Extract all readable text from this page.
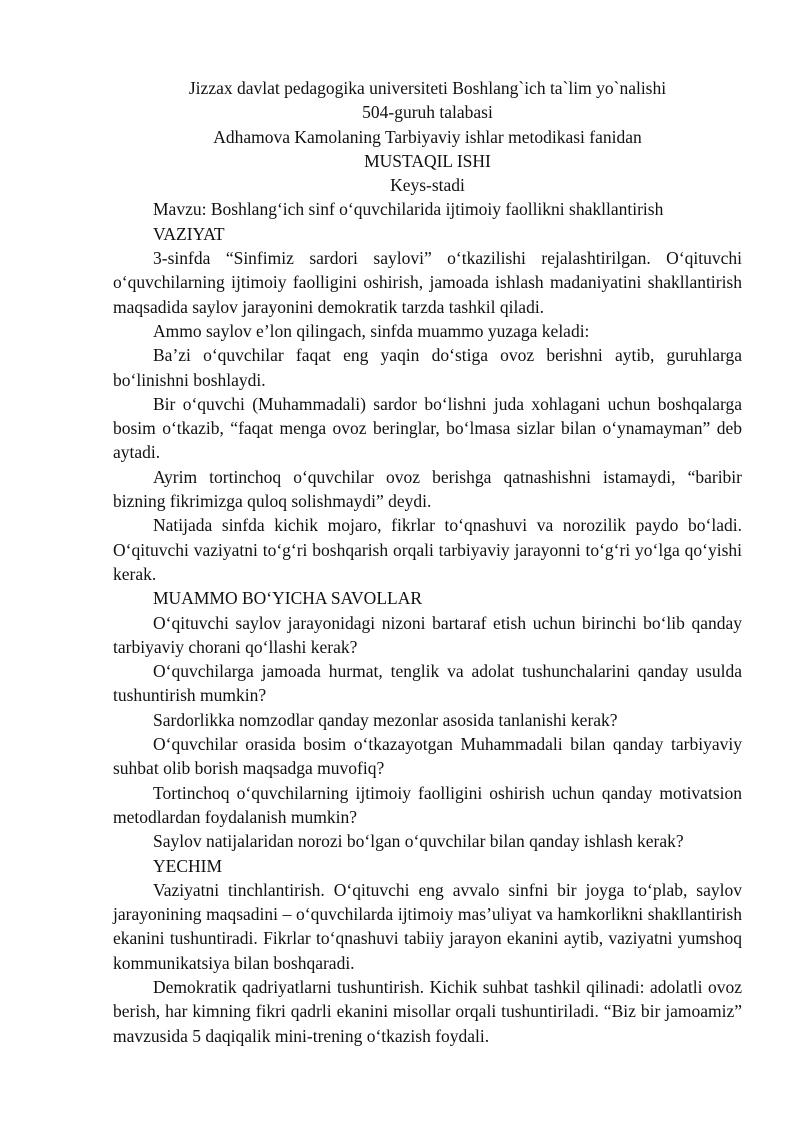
Jizzax davlat pedagogika universiteti Boshlang`ich ta`lim yo`nalishi

504-guruh talabasi

Adhamova Kamolaning Tarbiyaviy ishlar metodikasi fanidan

MUSTAQIL ISHI

Keys-stadi

Mavzu: Boshlang‘ich sinf o‘quvchilarida ijtimoiy faollikni shakllantirish

VAZIYAT

3-sinfda “Sinfimiz sardori saylovi” o‘tkazilishi rejalashtirilgan. O‘qituvchi o‘quvchilarning ijtimoiy faolligini oshirish, jamoada ishlash madaniyatini shakllantirish maqsadida saylov jarayonini demokratik tarzda tashkil qiladi.

Ammo saylov e’lon qilingach, sinfda muammo yuzaga keladi:

Ba’zi o‘quvchilar faqat eng yaqin do‘stiga ovoz berishni aytib, guruhlarga bo‘linishni boshlaydi.

Bir o‘quvchi (Muhammadali) sardor bo‘lishni juda xohlagani uchun boshqalarga bosim o‘tkazib, “faqat menga ovoz beringlar, bo‘lmasa sizlar bilan o‘ynamayman” deb aytadi.

Ayrim tortinchoq o‘quvchilar ovoz berishga qatnashishni istamaydi, “baribir bizning fikrimizga quloq solishmaydi” deydi.

Natijada sinfda kichik mojaro, fikrlar to‘qnashuvi va norozilik paydo bo‘ladi. O‘qituvchi vaziyatni to‘g‘ri boshqarish orqali tarbiyaviy jarayonni to‘g‘ri yo‘lga qo‘yishi kerak.

MUAMMO BO‘YICHA SAVOLLAR

O‘qituvchi saylov jarayonidagi nizoni bartaraf etish uchun birinchi bo‘lib qanday tarbiyaviy chorani qo‘llashi kerak?

O‘quvchilarga jamoada hurmat, tenglik va adolat tushunchalarini qanday usulda tushuntirish mumkin?

Sardorlikka nomzodlar qanday mezonlar asosida tanlanishi kerak?

O‘quvchilar orasida bosim o‘tkazayotgan Muhammadali bilan qanday tarbiyaviy suhbat olib borish maqsadga muvofiq?

Tortinchoq o‘quvchilarning ijtimoiy faolligini oshirish uchun qanday motivatsion metodlardan foydalanish mumkin?

Saylov natijalaridan norozi bo‘lgan o‘quvchilar bilan qanday ishlash kerak?

YECHIM

Vaziyatni tinchlantirish. O‘qituvchi eng avvalo sinfni bir joyga to‘plab, saylov jarayonining maqsadini – o‘quvchilarda ijtimoiy mas’uliyat va hamkorlikni shakllantirish ekanini tushuntiradi. Fikrlar to‘qnashuvi tabiiy jarayon ekanini aytib, vaziyatni yumshoq kommunikatsiya bilan boshqaradi.

Demokratik qadriyatlarni tushuntirish. Kichik suhbat tashkil qilinadi: adolatli ovoz berish, har kimning fikri qadrli ekanini misollar orqali tushuntiriladi. “Biz bir jamoamiz” mavzusida 5 daqiqalik mini-trening o‘tkazish foydali.
